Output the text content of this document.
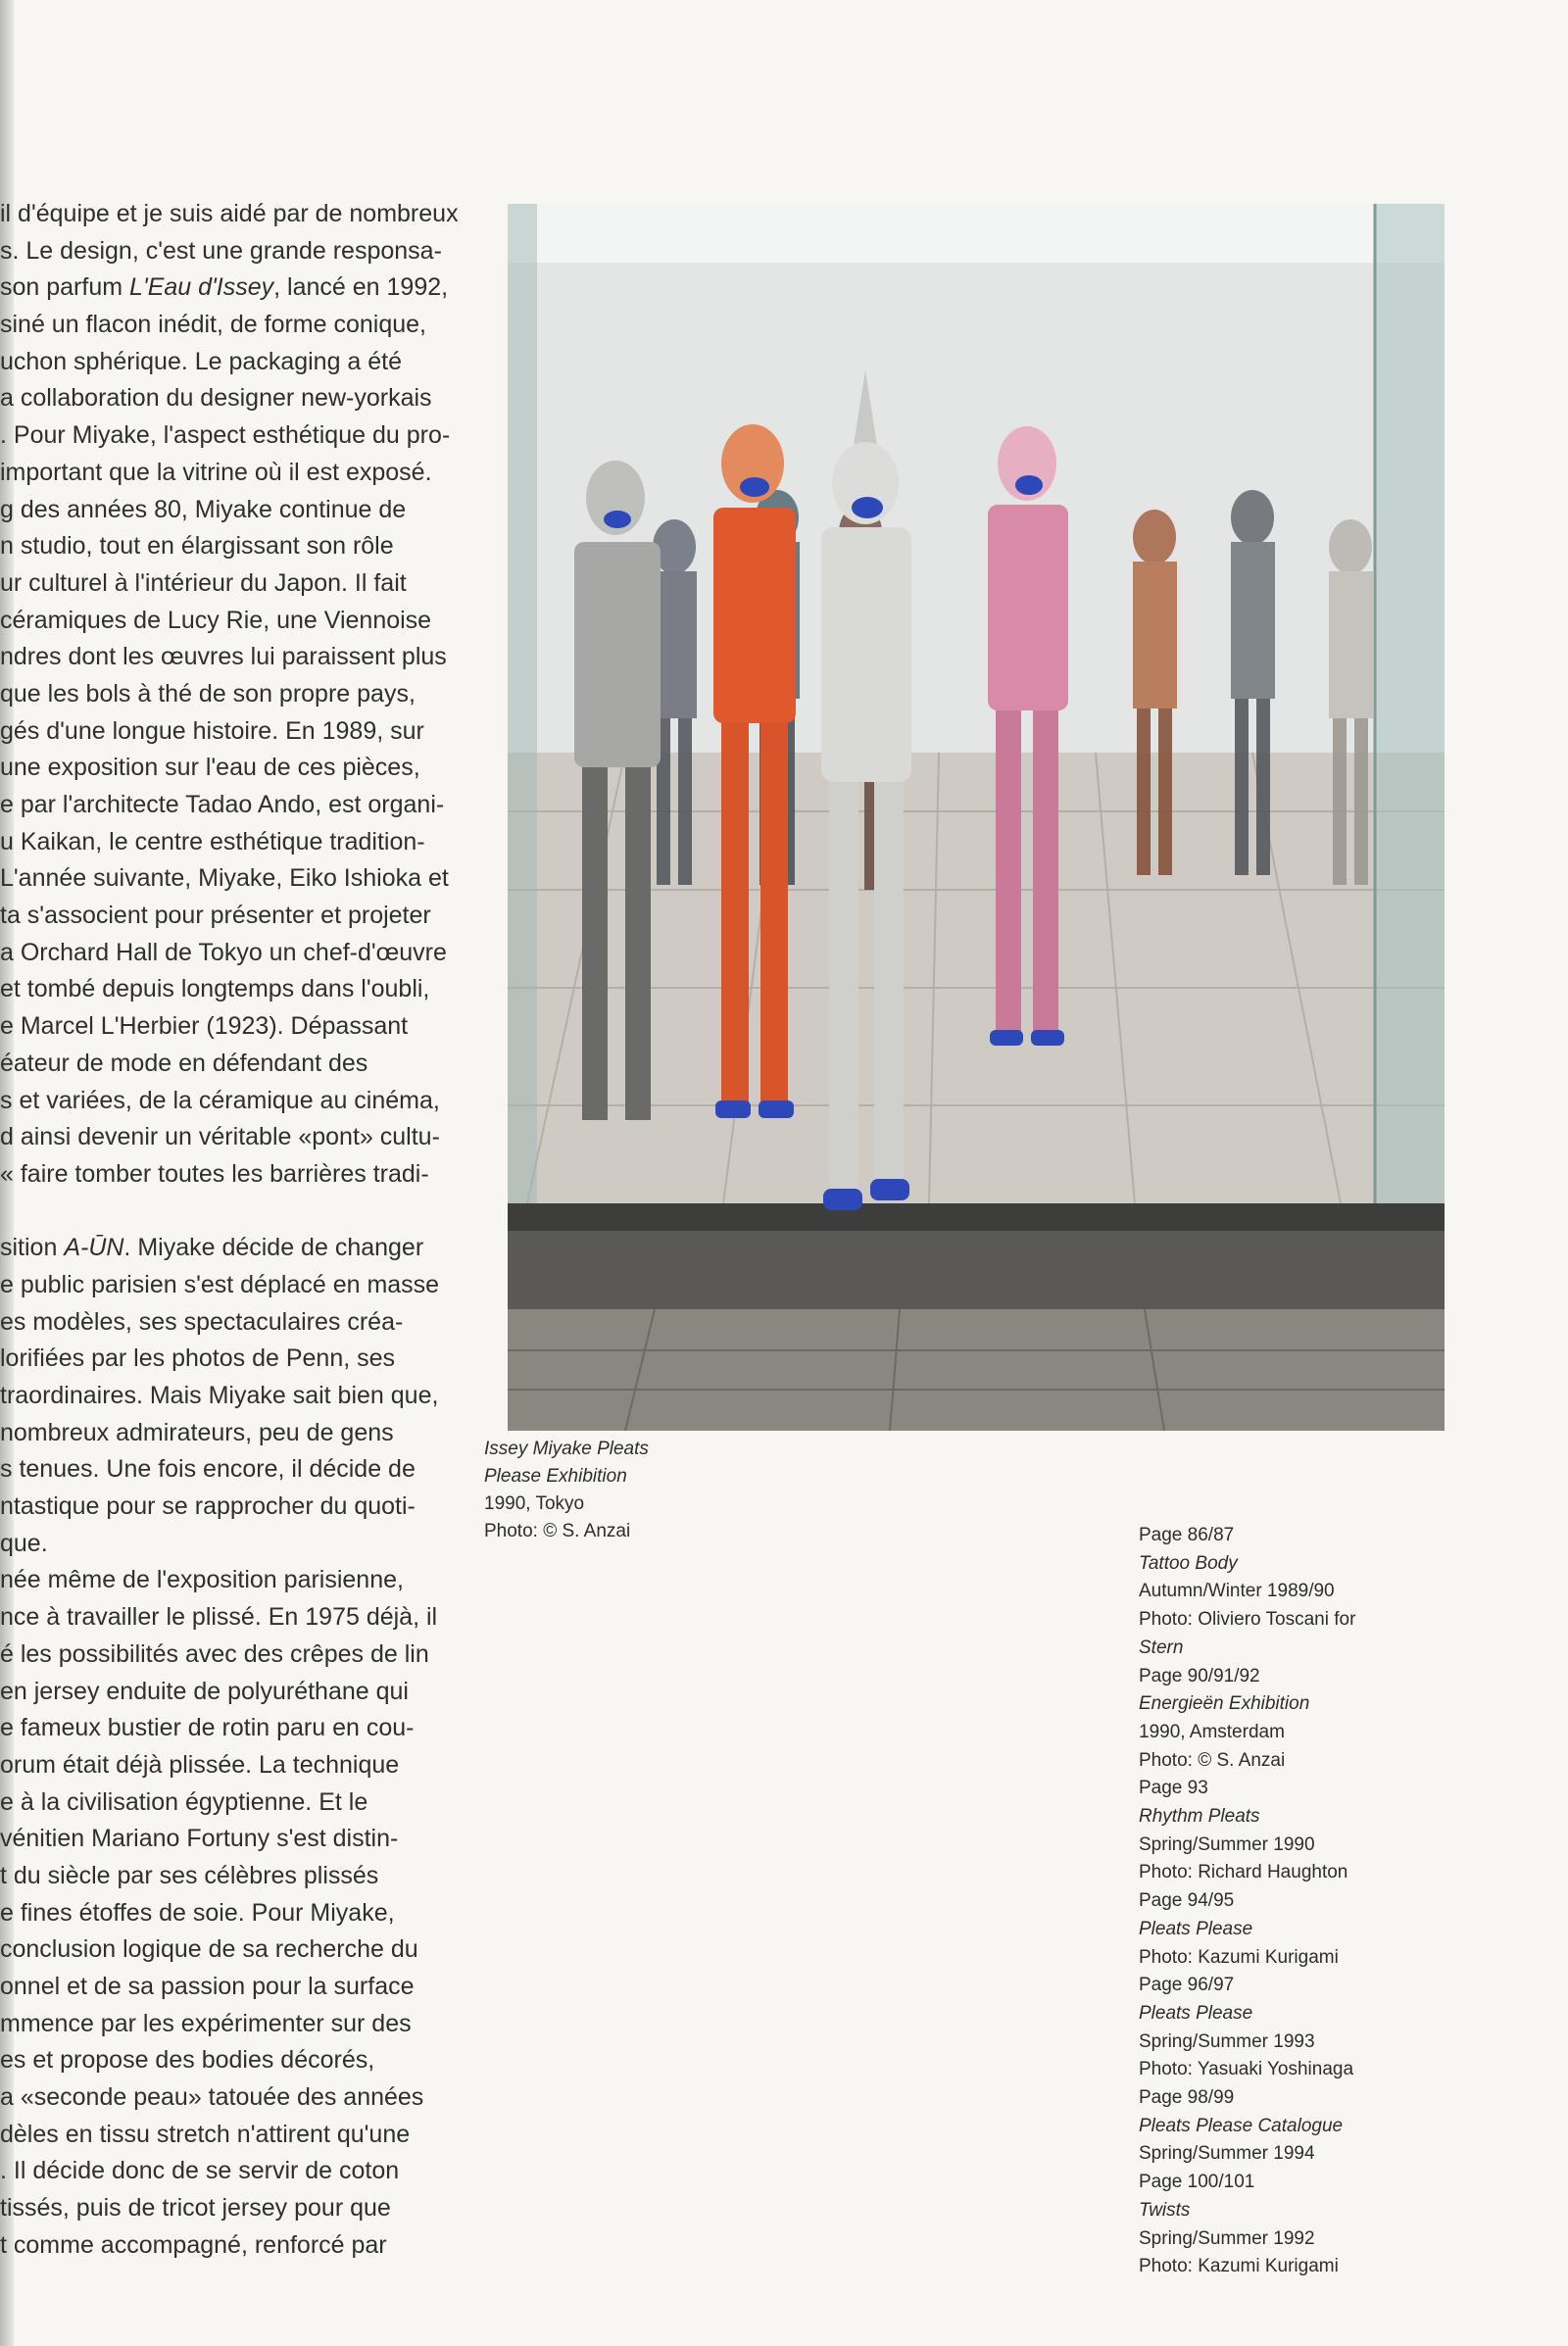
il d'équipe et je suis aidé par de nombreux
s. Le design, c'est une grande responsa-
son parfum L'Eau d'Issey, lancé en 1992,
siné un flacon inédit, de forme conique,
uchon sphérique. Le packaging a été
a collaboration du designer new-yorkais
. Pour Miyake, l'aspect esthétique du pro-
important que la vitrine où il est exposé.
g des années 80, Miyake continue de
n studio, tout en élargissant son rôle
ur culturel à l'intérieur du Japon. Il fait
céramiques de Lucy Rie, une Viennoise
ndres dont les œuvres lui paraissent plus
que les bols à thé de son propre pays,
gés d'une longue histoire. En 1989, sur
une exposition sur l'eau de ces pièces,
e par l'architecte Tadao Ando, est organi-
u Kaikan, le centre esthétique tradition-
L'année suivante, Miyake, Eiko Ishioka et
ta s'associent pour présenter et projeter
a Orchard Hall de Tokyo un chef-d'œuvre
et tombé depuis longtemps dans l'oubli,
e Marcel L'Herbier (1923). Dépassant
éateur de mode en défendant des
s et variées, de la céramique au cinéma,
d ainsi devenir un véritable «pont» cultu-
« faire tomber toutes les barrières tradi-
sition A-ŪN. Miyake décide de changer
e public parisien s'est déplacé en masse
es modèles, ses spectaculaires créa-
lorifiées par les photos de Penn, ses
traordinaires. Mais Miyake sait bien que,
nombreux admirateurs, peu de gens
s tenues. Une fois encore, il décide de
ntastique pour se rapprocher du quoti-
que.
née même de l'exposition parisienne,
nce à travailler le plissé. En 1975 déjà, il
é les possibilités avec des crêpes de lin
en jersey enduite de polyuréthane qui
e fameux bustier de rotin paru en cou-
orum était déjà plissée. La technique
e à la civilisation égyptienne. Et le
vénitien Mariano Fortuny s'est distin-
t du siècle par ses célèbres plissés
e fines étoffes de soie. Pour Miyake,
conclusion logique de sa recherche du
onnel et de sa passion pour la surface
mmence par les expérimenter sur des
es et propose des bodies décorés,
a «seconde peau» tatouée des années
dèles en tissu stretch n'attirent qu'une
. Il décide donc de se servir de coton
tissés, puis de tricot jersey pour que
t comme accompagné, renforcé par
Issey Miyake Pleats
Please Exhibition
1990, Tokyo
Photo: © S. Anzai	Page 86/87
Tattoo Body
Autumn/Winter 1989/90
Photo: Oliviero Toscani for
Stern
Page 90/91/92
Energieën Exhibition
1990, Amsterdam
Photo: © S. Anzai
Page 93
Rhythm Pleats
Spring/Summer 1990
Photo: Richard Haughton
Page 94/95
Pleats Please
Photo: Kazumi Kurigami
Page 96/97
Pleats Please
Spring/Summer 1993
Photo: Yasuaki Yoshinaga
Page 98/99
Pleats Please Catalogue
Spring/Summer 1994
Page 100/101
Twists
Spring/Summer 1992
Photo: Kazumi Kurigami
